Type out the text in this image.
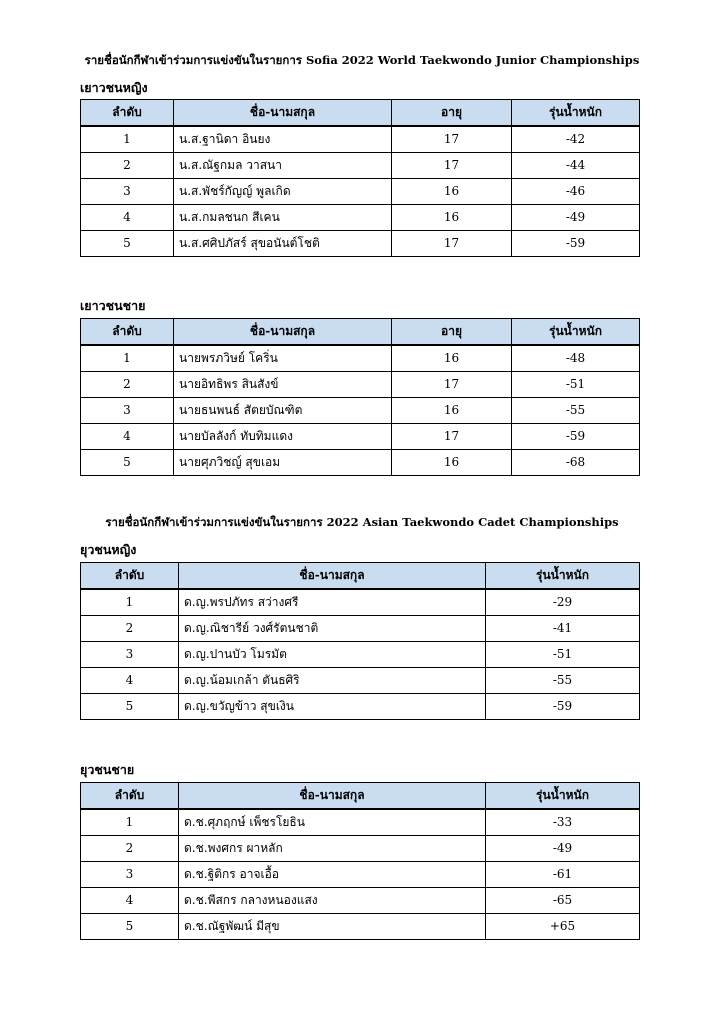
รายชื่อนักกีฬาเข้าร่วมการแข่งขันในรายการ Sofia 2022 World Taekwondo Junior Championships
เยาวชนหญิง
ลำดับ	ชื่อ-นามสกุล	อายุ	รุ่นน้ำหนัก
1	น.ส.ฐานิดา อินยง	17	-42
2	น.ส.ณัฐกมล วาสนา	17	-44
3	น.ส.พัชร์กัญญ์ พูลเกิด	16	-46
4	น.ส.กมลชนก สีเคน	16	-49
5	น.ส.ศศิปภัสร์ สุขอนันต์โชติ	17	-59
เยาวชนชาย
ลำดับ	ชื่อ-นามสกุล	อายุ	รุ่นน้ำหนัก
1	นายพรภวิษย์ โคริ่น	16	-48
2	นายอิทธิพร สินสังข์	17	-51
3	นายธนพนธ์ สัตยบัณฑิต	16	-55
4	นายบัลลังก์ ทับทิมแดง	17	-59
5	นายศุภวิชญ์ สุขเอม	16	-68
รายชื่อนักกีฬาเข้าร่วมการแข่งขันในรายการ 2022 Asian Taekwondo Cadet Championships
ยุวชนหญิง
ลำดับ	ชื่อ-นามสกุล	รุ่นน้ำหนัก
1	ด.ญ.พรปภัทร สว่างศรี	-29
2	ด.ญ.ณิชารีย์ วงศ์รัตนชาติ	-41
3	ด.ญ.ปานบัว โมรมัต	-51
4	ด.ญ.น้อมเกล้า ตันธศิริ	-55
5	ด.ญ.ขวัญข้าว สุขเงิน	-59
ยุวชนชาย
ลำดับ	ชื่อ-นามสกุล	รุ่นน้ำหนัก
1	ด.ช.ศุภฤกษ์ เพ็ชรโยธิน	-33
2	ด.ช.พงศกร ผาหลัก	-49
3	ด.ช.ฐิติกร อาจเอื้อ	-61
4	ด.ช.พีสกร กลางหนองแสง	-65
5	ด.ช.ณัฐพัฒน์ มีสุข	+65
